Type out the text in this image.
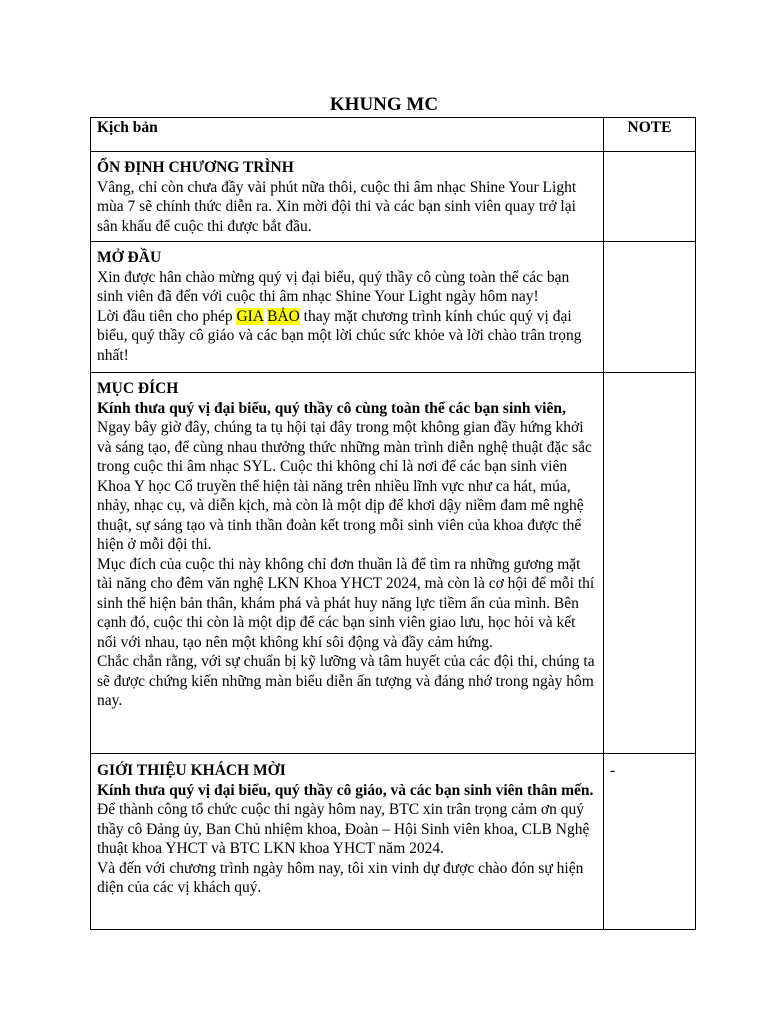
KHUNG MC
Kịch bản	NOTE

ỔN ĐỊNH CHƯƠNG TRÌNH
Vâng, chỉ còn chưa đầy vài phút nữa thôi, cuộc thi âm nhạc Shine Your Light mùa 7 sẽ chính thức diễn ra. Xin mời đội thi và các bạn sinh viên quay trở lại sân khấu để cuộc thi được bắt đầu.	

MỞ ĐẦU
Xin được hân chào mừng quý vị đại biểu, quý thầy cô cùng toàn thể các bạn sinh viên đã đến với cuộc thi âm nhạc Shine Your Light ngày hôm nay!
Lời đầu tiên cho phép GIA BẢO thay mặt chương trình kính chúc quý vị đại biểu, quý thầy cô giáo và các bạn một lời chúc sức khỏe và lời chào trân trọng nhất!	

MỤC ĐÍCH
Kính thưa quý vị đại biểu, quý thầy cô cùng toàn thể các bạn sinh viên,
Ngay bây giờ đây, chúng ta tụ hội tại đây trong một không gian đầy hứng khởi và sáng tạo, để cùng nhau thưởng thức những màn trình diễn nghệ thuật đặc sắc trong cuộc thi âm nhạc SYL. Cuộc thi không chỉ là nơi để các bạn sinh viên Khoa Y học Cổ truyền thể hiện tài năng trên nhiều lĩnh vực như ca hát, múa, nhảy, nhạc cụ, và diễn kịch, mà còn là một dịp để khơi dậy niềm đam mê nghệ thuật, sự sáng tạo và tinh thần đoàn kết trong mỗi sinh viên của khoa được thể hiện ở mỗi đội thi.
Mục đích của cuộc thi này không chỉ đơn thuần là để tìm ra những gương mặt tài năng cho đêm văn nghệ LKN Khoa YHCT 2024, mà còn là cơ hội để mỗi thí sinh thể hiện bản thân, khám phá và phát huy năng lực tiềm ẩn của mình. Bên cạnh đó, cuộc thi còn là một dịp để các bạn sinh viên giao lưu, học hỏi và kết nối với nhau, tạo nên một không khí sôi động và đầy cảm hứng.
Chắc chắn rằng, với sự chuẩn bị kỹ lưỡng và tâm huyết của các đội thi, chúng ta sẽ được chứng kiến những màn biểu diễn ấn tượng và đáng nhớ trong ngày hôm nay.	

GIỚI THIỆU KHÁCH MỜI
Kính thưa quý vị đại biểu, quý thầy cô giáo, và các bạn sinh viên thân mến.
Để thành công tổ chức cuộc thi ngày hôm nay, BTC xin trân trọng cảm ơn quý thầy cô Đảng ủy, Ban Chủ nhiệm khoa, Đoàn – Hội Sinh viên khoa, CLB Nghệ thuật khoa YHCT và BTC LKN khoa YHCT năm 2024.
Và đến với chương trình ngày hôm nay, tôi xin vinh dự được chào đón sự hiện diện của các vị khách quý.	-
